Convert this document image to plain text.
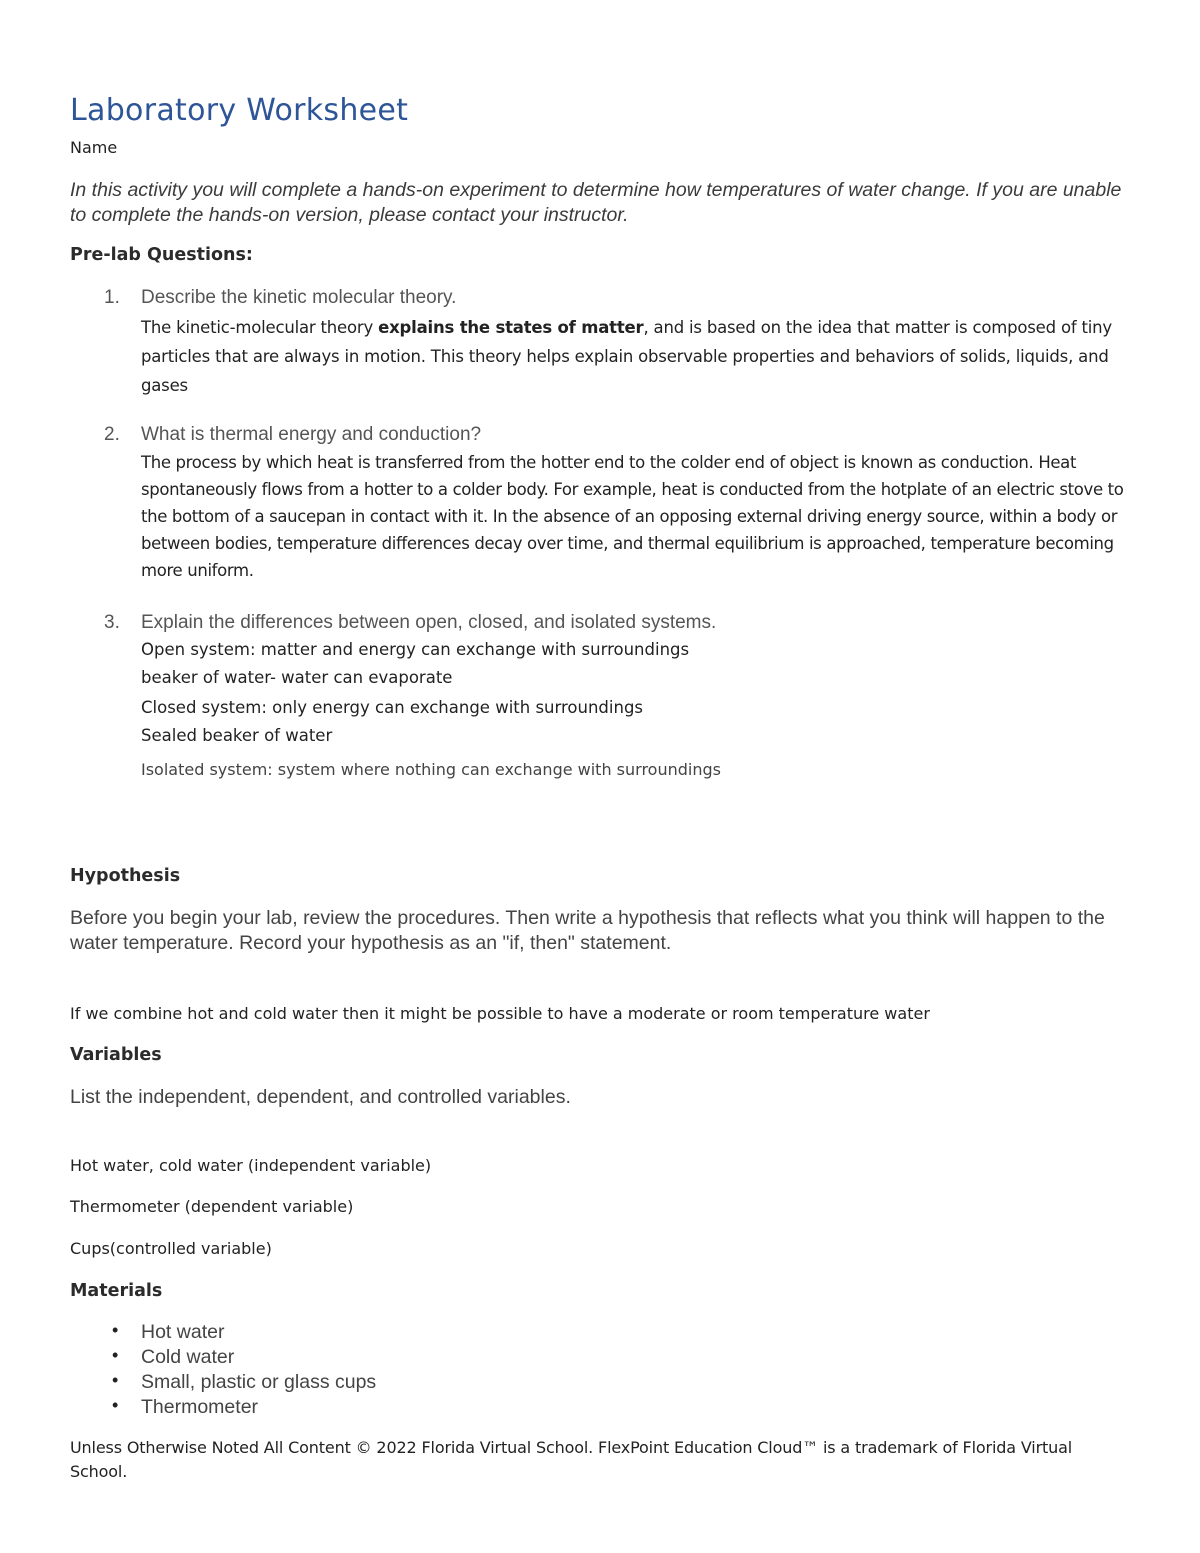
Laboratory Worksheet
Name
In this activity you will complete a hands-on experiment to determine how temperatures of water change. If you are unable to complete the hands-on version, please contact your instructor.
Pre-lab Questions:
1. Describe the kinetic molecular theory.
The kinetic-molecular theory explains the states of matter, and is based on the idea that matter is composed of tiny particles that are always in motion. This theory helps explain observable properties and behaviors of solids, liquids, and gases
2. What is thermal energy and conduction?
The process by which heat is transferred from the hotter end to the colder end of object is known as conduction. Heat spontaneously flows from a hotter to a colder body. For example, heat is conducted from the hotplate of an electric stove to the bottom of a saucepan in contact with it. In the absence of an opposing external driving energy source, within a body or between bodies, temperature differences decay over time, and thermal equilibrium is approached, temperature becoming more uniform.
3. Explain the differences between open, closed, and isolated systems.
Open system: matter and energy can exchange with surroundings
beaker of water- water can evaporate
Closed system: only energy can exchange with surroundings
Sealed beaker of water
Isolated system: system where nothing can exchange with surroundings
Hypothesis
Before you begin your lab, review the procedures. Then write a hypothesis that reflects what you think will happen to the water temperature. Record your hypothesis as an "if, then" statement.
If we combine hot and cold water then it might be possible to have a moderate or room temperature water
Variables
List the independent, dependent, and controlled variables.
Hot water, cold water (independent variable)
Thermometer (dependent variable)
Cups(controlled variable)
Materials
• Hot water
• Cold water
• Small, plastic or glass cups
• Thermometer
Unless Otherwise Noted All Content © 2022 Florida Virtual School. FlexPoint Education Cloud™ is a trademark of Florida Virtual School.
